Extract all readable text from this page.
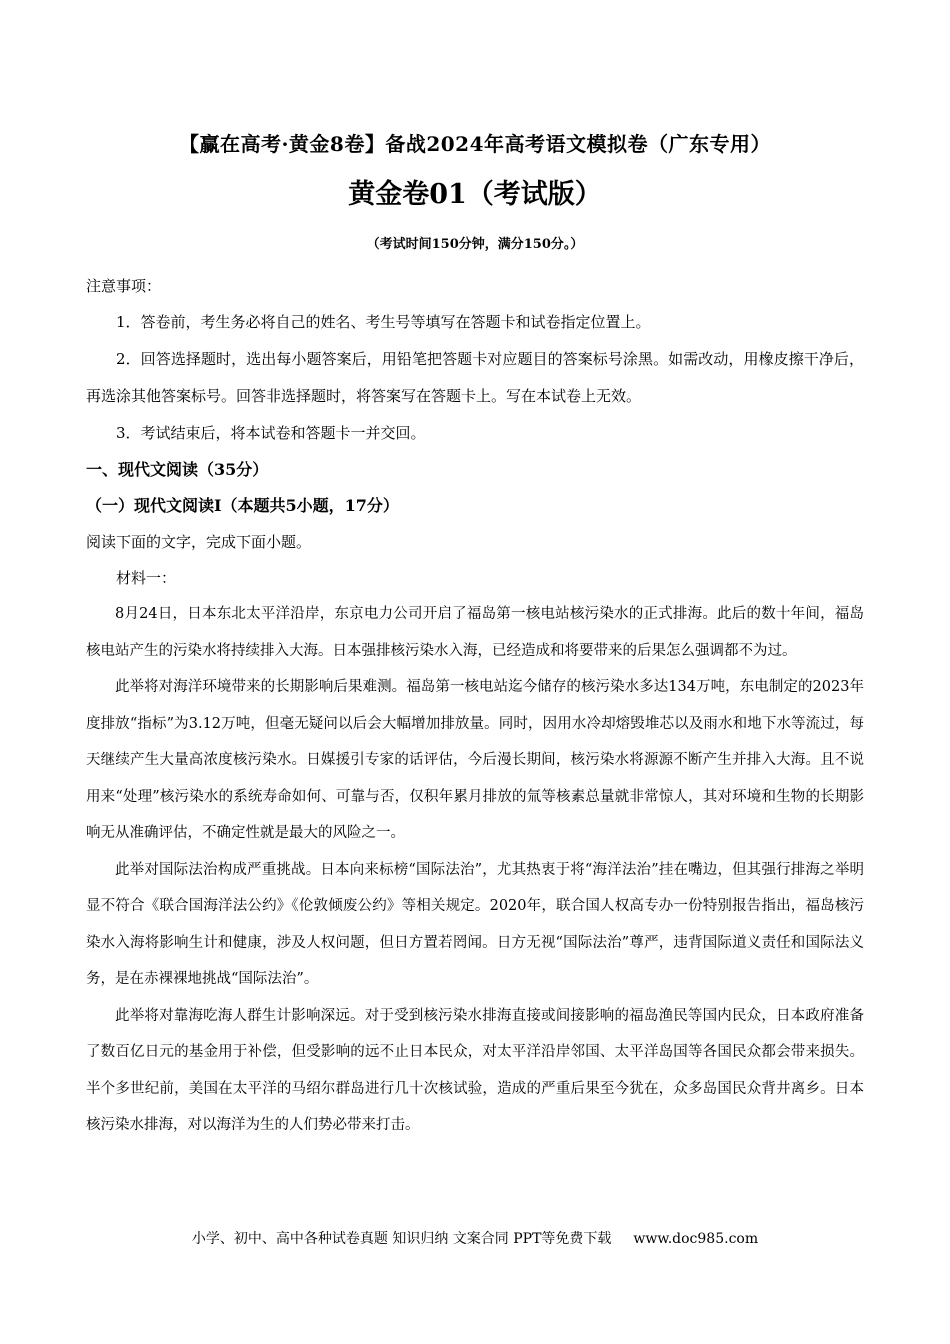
【赢在高考·黄金8卷】备战2024年高考语文模拟卷（广东专用）
黄金卷01（考试版）
（考试时间150分钟，满分150分。）
注意事项：

1．答卷前，考生务必将自己的姓名、考生号等填写在答题卡和试卷指定位置上。

2．回答选择题时，选出每小题答案后，用铅笔把答题卡对应题目的答案标号涂黑。如需改动，用橡皮擦干净后，再选涂其他答案标号。回答非选择题时，将答案写在答题卡上。写在本试卷上无效。

3．考试结束后，将本试卷和答题卡一并交回。

一、现代文阅读（35分）
（一）现代文阅读Ⅰ（本题共5小题，17分）
阅读下面的文字，完成下面小题。
材料一：

8月24日，日本东北太平洋沿岸，东京电力公司开启了福岛第一核电站核污染水的正式排海。此后的数十年间，福岛核电站产生的污染水将持续排入大海。日本强排核污染水入海，已经造成和将要带来的后果怎么强调都不为过。

此举将对海洋环境带来的长期影响后果难测。福岛第一核电站迄今储存的核污染水多达134万吨，东电制定的2023年度排放“指标”为3.12万吨，但毫无疑问以后会大幅增加排放量。同时，因用水冷却熔毁堆芯以及雨水和地下水等流过，每天继续产生大量高浓度核污染水。日媒援引专家的话评估，今后漫长期间，核污染水将源源不断产生并排入大海。且不说用来“处理”核污染水的系统寿命如何、可靠与否，仅积年累月排放的氚等核素总量就非常惊人，其对环境和生物的长期影响无从准确评估，不确定性就是最大的风险之一。

此举对国际法治构成严重挑战。日本向来标榜“国际法治”，尤其热衷于将“海洋法治”挂在嘴边，但其强行排海之举明显不符合《联合国海洋法公约》《伦敦倾废公约》等相关规定。2020年，联合国人权高专办一份特别报告指出，福岛核污染水入海将影响生计和健康，涉及人权问题，但日方置若罔闻。日方无视“国际法治”尊严，违背国际道义责任和国际法义务，是在赤裸裸地挑战“国际法治”。

此举将对靠海吃海人群生计影响深远。对于受到核污染水排海直接或间接影响的福岛渔民等国内民众，日本政府准备了数百亿日元的基金用于补偿，但受影响的远不止日本民众，对太平洋沿岸邻国、太平洋岛国等各国民众都会带来损失。半个多世纪前，美国在太平洋的马绍尔群岛进行几十次核试验，造成的严重后果至今犹在，众多岛国民众背井离乡。日本核污染水排海，对以海洋为生的人们势必带来打击。

小学、初中、高中各种试卷真题 知识归纳 文案合同 PPT等免费下载 www.doc985.com
